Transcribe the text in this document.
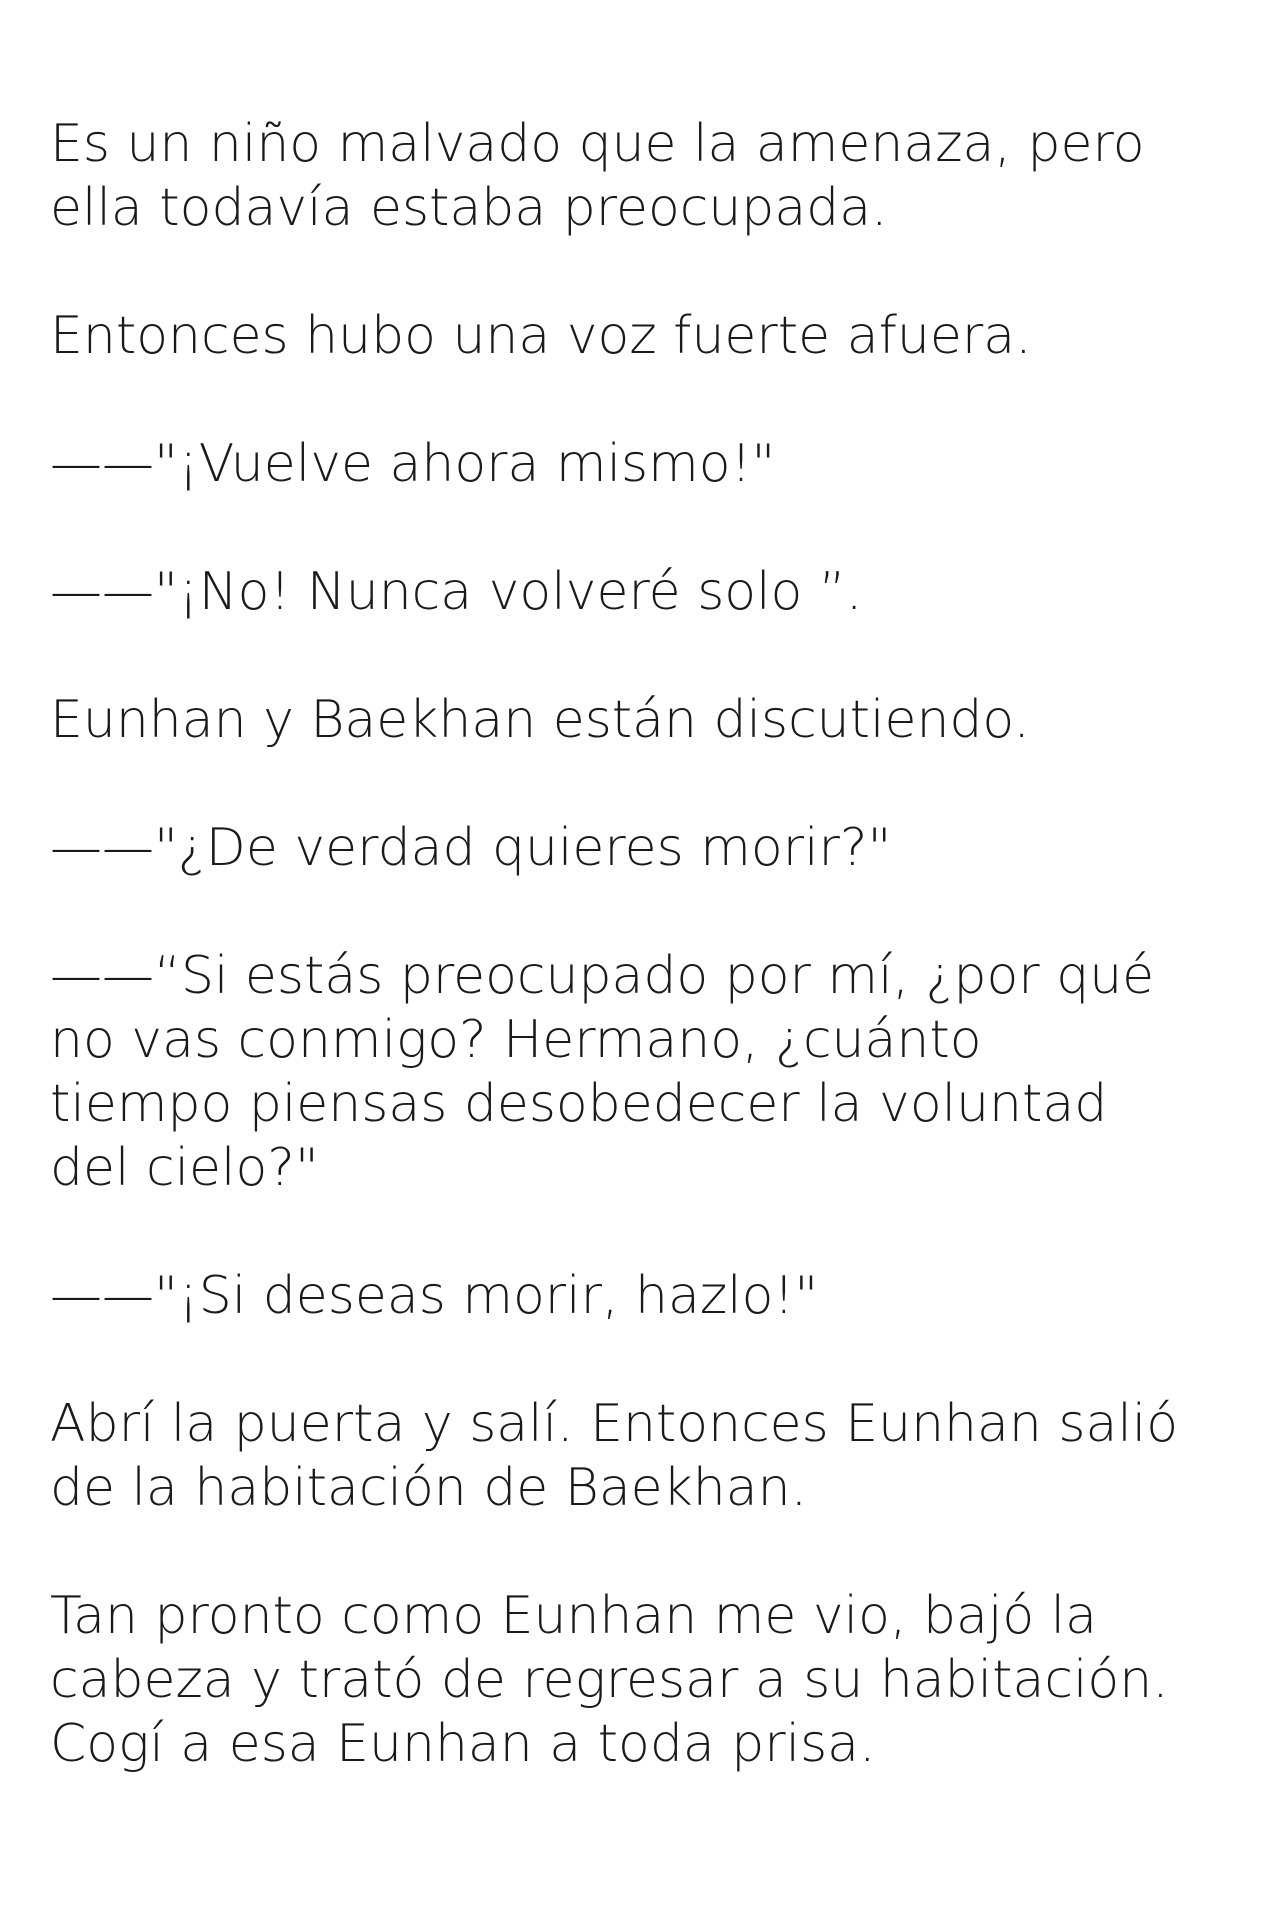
Es un niño malvado que la amenaza, pero
ella todavía estaba preocupada.

Entonces hubo una voz fuerte afuera.

——"¡Vuelve ahora mismo!"

——"¡No! Nunca volveré solo ”.

Eunhan y Baekhan están discutiendo.

——"¿De verdad quieres morir?"

——“Si estás preocupado por mí, ¿por qué
no vas conmigo? Hermano, ¿cuánto
tiempo piensas desobedecer la voluntad
del cielo?"

——"¡Si deseas morir, hazlo!"

Abrí la puerta y salí. Entonces Eunhan salió
de la habitación de Baekhan.

Tan pronto como Eunhan me vio, bajó la
cabeza y trató de regresar a su habitación.
Cogí a esa Eunhan a toda prisa.
